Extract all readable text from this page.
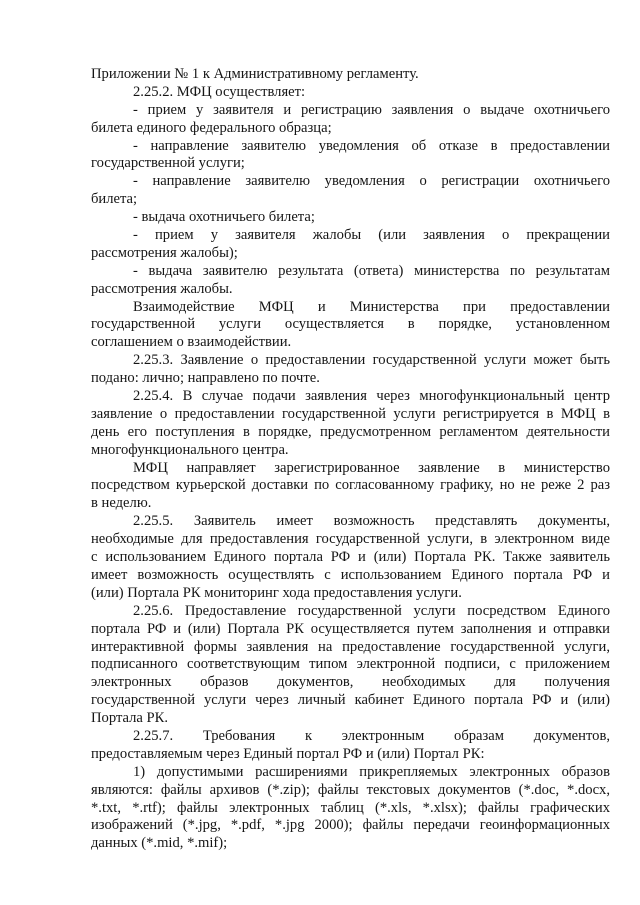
Приложении № 1 к Административному регламенту.
2.25.2. МФЦ осуществляет:
- прием у заявителя и регистрацию заявления о выдаче охотничьего
билета единого федерального образца;
- направление заявителю уведомления об отказе в предоставлении
государственной услуги;
- направление заявителю уведомления о регистрации охотничьего
билета;
- выдача охотничьего билета;
- прием у заявителя жалобы (или заявления о прекращении
рассмотрения жалобы);
- выдача заявителю результата (ответа) министерства по результатам
рассмотрения жалобы.
Взаимодействие МФЦ и Министерства при предоставлении
государственной услуги осуществляется в порядке, установленном
соглашением о взаимодействии.
2.25.3. Заявление о предоставлении государственной услуги может быть
подано: лично; направлено по почте.
2.25.4. В случае подачи заявления через многофункциональный центр
заявление о предоставлении государственной услуги регистрируется в МФЦ в
день его поступления в порядке, предусмотренном регламентом деятельности
многофункционального центра.
МФЦ направляет зарегистрированное заявление в министерство
посредством курьерской доставки по согласованному графику, но не реже 2 раз
в неделю.
2.25.5. Заявитель имеет возможность представлять документы,
необходимые для предоставления государственной услуги, в электронном виде
с использованием Единого портала РФ и (или) Портала РК. Также заявитель
имеет возможность осуществлять с использованием Единого портала РФ и
(или) Портала РК мониторинг хода предоставления услуги.
2.25.6. Предоставление государственной услуги посредством Единого
портала РФ и (или) Портала РК осуществляется путем заполнения и отправки
интерактивной формы заявления на предоставление государственной услуги,
подписанного соответствующим типом электронной подписи, с приложением
электронных образов документов, необходимых для получения
государственной услуги через личный кабинет Единого портала РФ и (или)
Портала РК.
2.25.7. Требования к электронным образам документов,
предоставляемым через Единый портал РФ и (или) Портал РК:
1) допустимыми расширениями прикрепляемых электронных образов
являются: файлы архивов (*.zip); файлы текстовых документов (*.doc, *.docx,
*.txt, *.rtf); файлы электронных таблиц (*.xls, *.xlsx); файлы графических
изображений (*.jpg, *.pdf, *.jpg 2000); файлы передачи геоинформационных
данных (*.mid, *.mif);
